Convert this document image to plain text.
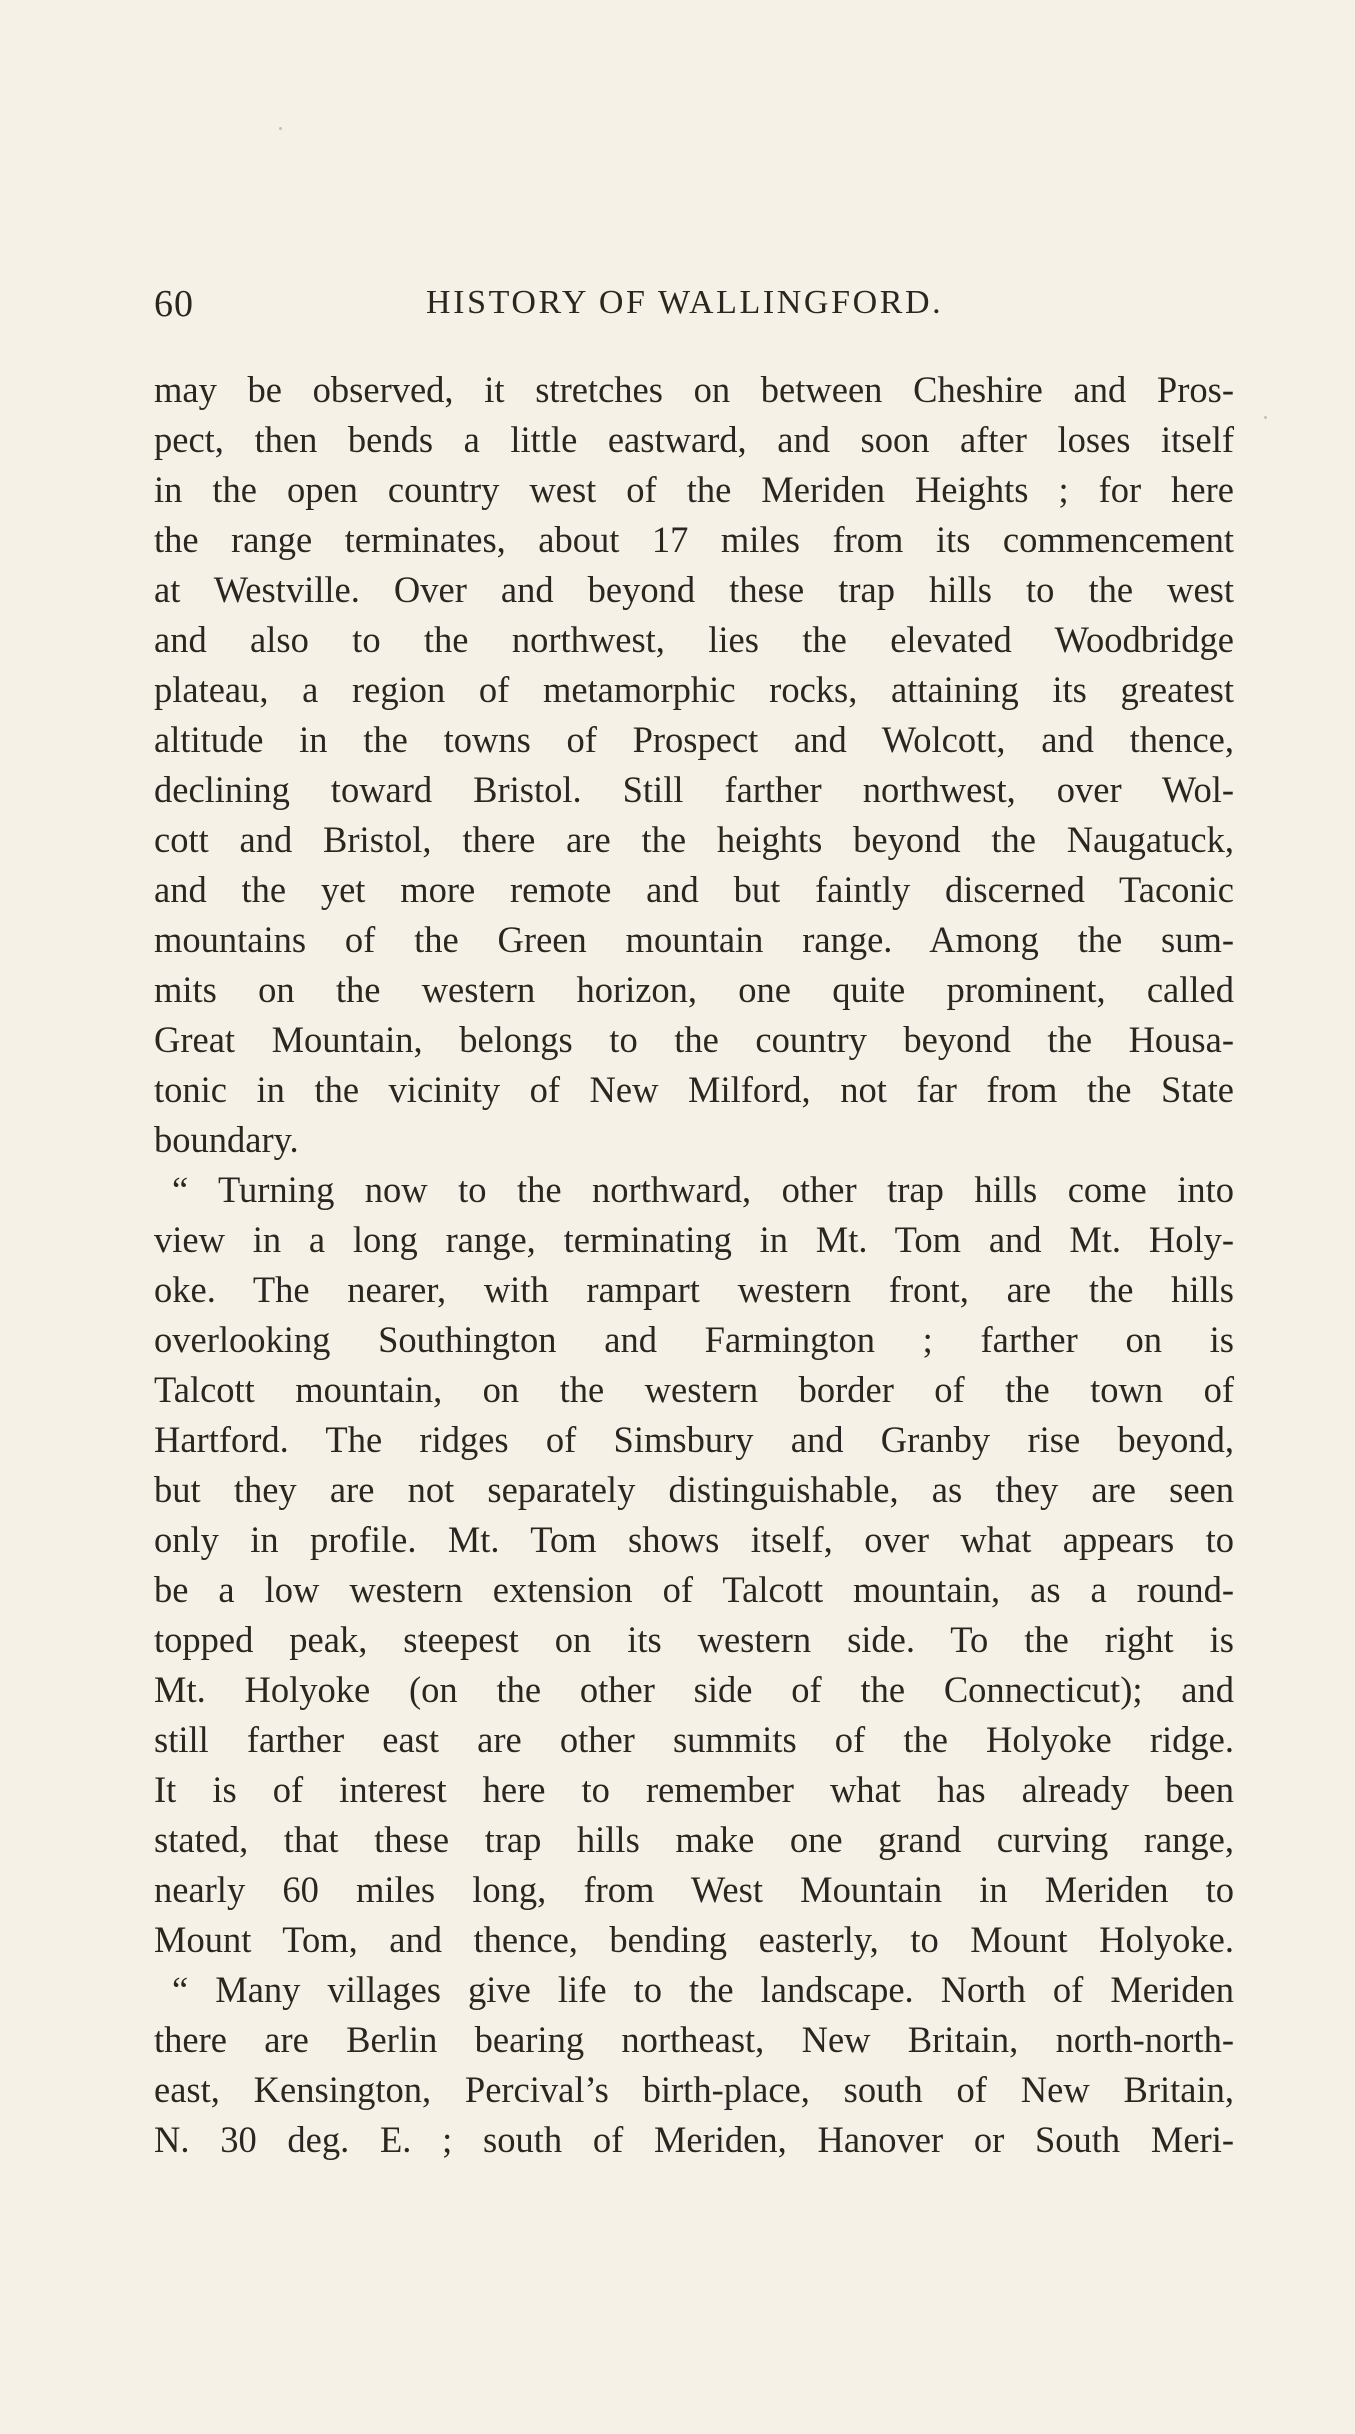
60	HISTORY OF WALLINGFORD.
may be observed, it stretches on between Cheshire and Pros-
pect, then bends a little eastward, and soon after loses itself
in the open country west of the Meriden Heights ; for here
the range terminates, about 17 miles from its commencement
at Westville. Over and beyond these trap hills to the west
and also to the northwest, lies the elevated Woodbridge
plateau, a region of metamorphic rocks, attaining its greatest
altitude in the towns of Prospect and Wolcott, and thence,
declining toward Bristol. Still farther northwest, over Wol-
cott and Bristol, there are the heights beyond the Naugatuck,
and the yet more remote and but faintly discerned Taconic
mountains of the Green mountain range. Among the sum-
mits on the western horizon, one quite prominent, called
Great Mountain, belongs to the country beyond the Housa-
tonic in the vicinity of New Milford, not far from the State
boundary.
“ Turning now to the northward, other trap hills come into
view in a long range, terminating in Mt. Tom and Mt. Holy-
oke. The nearer, with rampart western front, are the hills
overlooking Southington and Farmington ; farther on is
Talcott mountain, on the western border of the town of
Hartford. The ridges of Simsbury and Granby rise beyond,
but they are not separately distinguishable, as they are seen
only in profile. Mt. Tom shows itself, over what appears to
be a low western extension of Talcott mountain, as a round-
topped peak, steepest on its western side. To the right is
Mt. Holyoke (on the other side of the Connecticut); and
still farther east are other summits of the Holyoke ridge.
It is of interest here to remember what has already been
stated, that these trap hills make one grand curving range,
nearly 60 miles long, from West Mountain in Meriden to
Mount Tom, and thence, bending easterly, to Mount Holyoke.
“ Many villages give life to the landscape. North of Meriden
there are Berlin bearing northeast, New Britain, north-north-
east, Kensington, Percival’s birth-place, south of New Britain,
N. 30 deg. E. ; south of Meriden, Hanover or South Meri-
